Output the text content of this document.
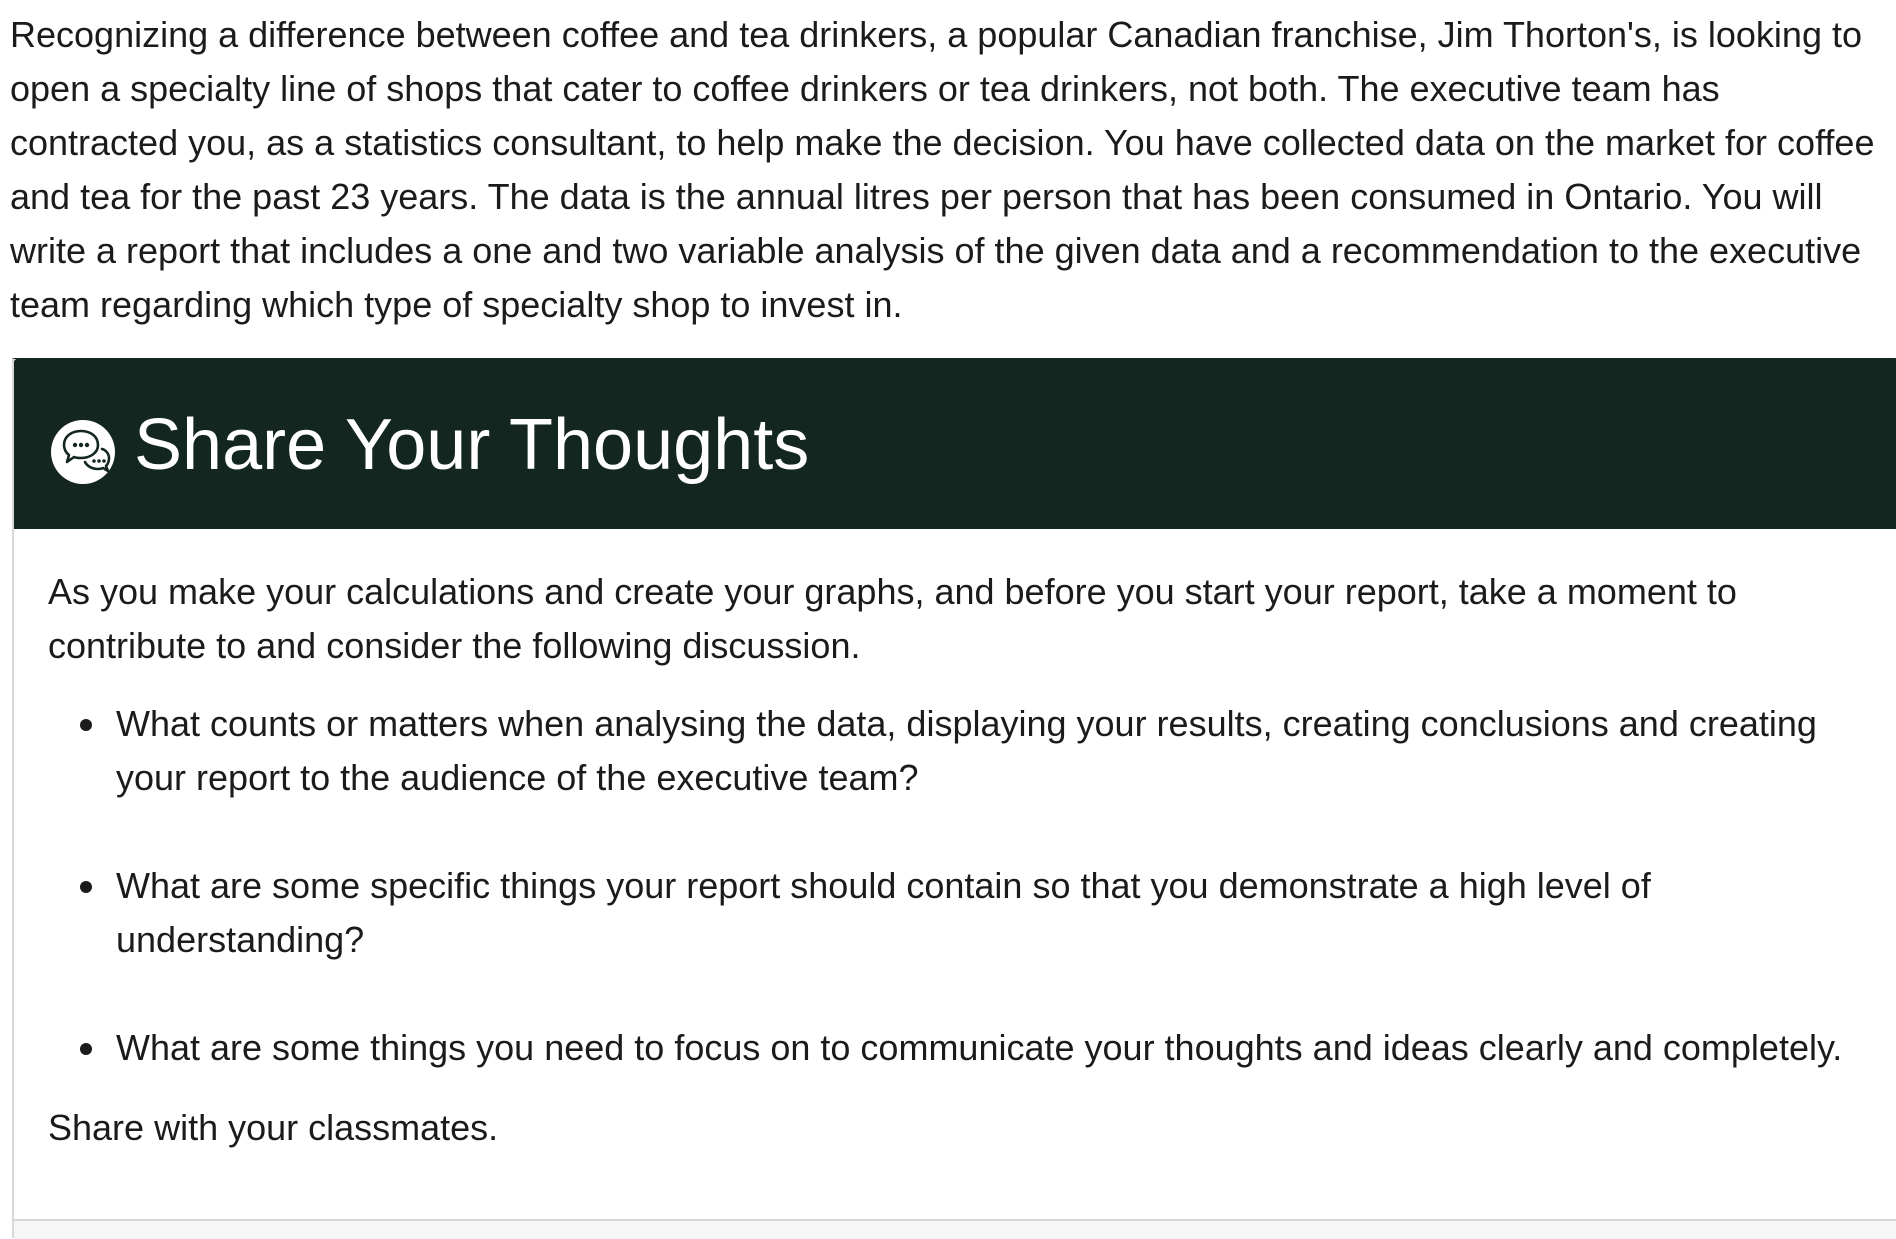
Recognizing a difference between coffee and tea drinkers, a popular Canadian franchise, Jim Thorton's, is looking to open a specialty line of shops that cater to coffee drinkers or tea drinkers, not both. The executive team has contracted you, as a statistics consultant, to help make the decision. You have collected data on the market for coffee and tea for the past 23 years. The data is the annual litres per person that has been consumed in Ontario. You will write a report that includes a one and two variable analysis of the given data and a recommendation to the executive team regarding which type of specialty shop to invest in.

Share Your Thoughts

As you make your calculations and create your graphs, and before you start your report, take a moment to contribute to and consider the following discussion.

What counts or matters when analysing the data, displaying your results, creating conclusions and creating your report to the audience of the executive team?
What are some specific things your report should contain so that you demonstrate a high level of understanding?
What are some things you need to focus on to communicate your thoughts and ideas clearly and completely.

Share with your classmates.
